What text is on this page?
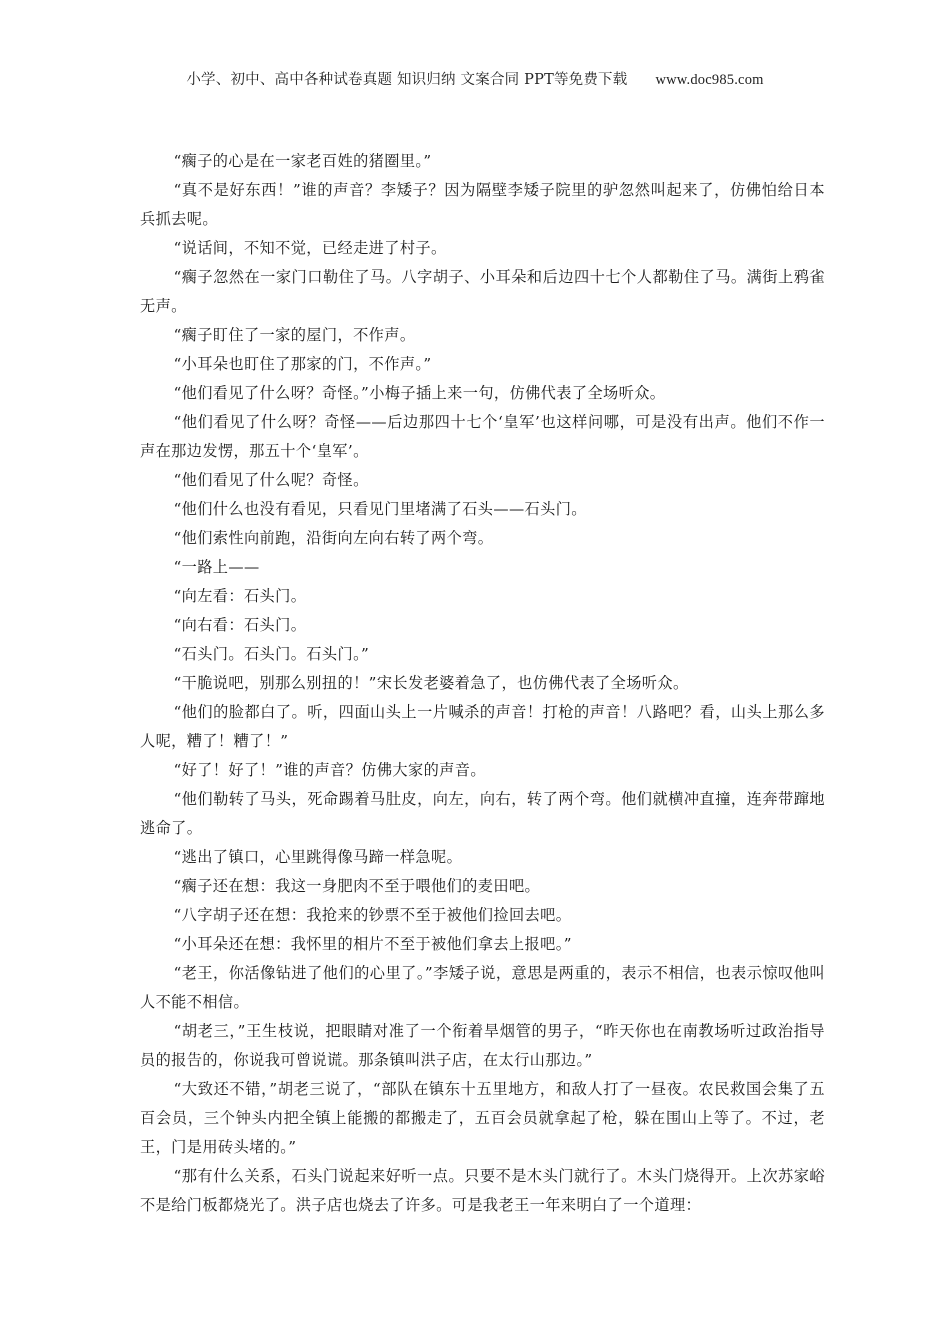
小学、初中、高中各种试卷真题 知识归纳 文案合同 PPT等免费下载 www.doc985.com

“瘸子的心是在一家老百姓的猪圈里。”

“真不是好东西！”谁的声音？李矮子？因为隔壁李矮子院里的驴忽然叫起来了，仿佛怕给日本兵抓去呢。

“说话间，不知不觉，已经走进了村子。

“瘸子忽然在一家门口勒住了马。八字胡子、小耳朵和后边四十七个人都勒住了马。满街上鸦雀无声。

“瘸子盯住了一家的屋门，不作声。

“小耳朵也盯住了那家的门，不作声。”

“他们看见了什么呀？奇怪。”小梅子插上来一句，仿佛代表了全场听众。

“他们看见了什么呀？奇怪——后边那四十七个‘皇军’也这样问哪，可是没有出声。他们不作一声在那边发愣，那五十个‘皇军’。

“他们看见了什么呢？奇怪。

“他们什么也没有看见，只看见门里堵满了石头——石头门。

“他们索性向前跑，沿街向左向右转了两个弯。

“一路上——

“向左看：石头门。

“向右看：石头门。

“石头门。石头门。石头门。”

“干脆说吧，别那么别扭的！”宋长发老婆着急了，也仿佛代表了全场听众。

“他们的脸都白了。听，四面山头上一片喊杀的声音！打枪的声音！八路吧？看，山头上那么多人呢，糟了！糟了！”

“好了！好了！”谁的声音？仿佛大家的声音。

“他们勒转了马头，死命踢着马肚皮，向左，向右，转了两个弯。他们就横冲直撞，连奔带蹿地逃命了。

“逃出了镇口，心里跳得像马蹄一样急呢。

“瘸子还在想：我这一身肥肉不至于喂他们的麦田吧。

“八字胡子还在想：我抢来的钞票不至于被他们捡回去吧。

“小耳朵还在想：我怀里的相片不至于被他们拿去上报吧。”

“老王，你活像钻进了他们的心里了。”李矮子说，意思是两重的，表示不相信，也表示惊叹他叫人不能不相信。

“胡老三，”王生枝说，把眼睛对准了一个衔着旱烟管的男子，“昨天你也在南教场听过政治指导员的报告的，你说我可曾说谎。那条镇叫洪子店，在太行山那边。”

“大致还不错，”胡老三说了，“部队在镇东十五里地方，和敌人打了一昼夜。农民救国会集了五百会员，三个钟头内把全镇上能搬的都搬走了，五百会员就拿起了枪，躲在围山上等了。不过，老王，门是用砖头堵的。”

“那有什么关系，石头门说起来好听一点。只要不是木头门就行了。木头门烧得开。上次苏家峪不是给门板都烧光了。洪子店也烧去了许多。可是我老王一年来明白了一个道理：
